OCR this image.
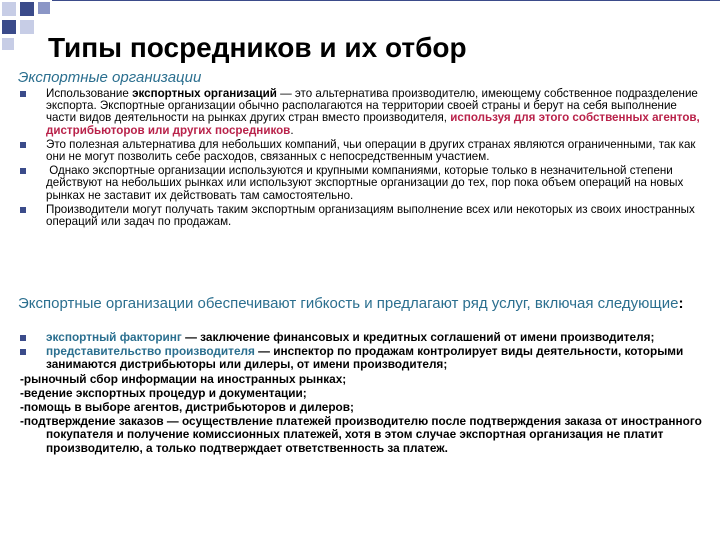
Типы посредников и их отбор
Экспортные организации
Использование экспортных организаций — это альтернатива производителю, имеющему собственное подразделение экспорта. Экспортные организации обычно располагаются на территории своей страны и берут на себя выполнение части видов деятельности на рынках других стран вместо производителя, используя для этого собственных агентов, дистрибьюторов или других посредников.
Это полезная альтернатива для небольших компаний, чьи операции в других странах являются ограниченными, так как они не могут позволить себе расходов, связанных с непосредственным участием.
Однако экспортные организации используются и крупными компаниями, которые только в незначительной степени действуют на небольших рынках или используют экспортные организации до тех, пор пока объем операций на новых рынках не заставит их действовать там самостоятельно.
Производители могут получать таким экспортным организациям выполнение всех или некоторых из своих иностранных операций или задач по продажам.
Экспортные организации обеспечивают гибкость и предлагают ряд услуг, включая следующие:
экспортный факторинг — заключение финансовых и кредитных соглашений от имени производителя;
представительство производителя — инспектор по продажам контролирует виды деятельности, которыми занимаются дистрибьюторы или дилеры, от имени производителя;
-рыночный сбор информации на иностранных рынках;
-ведение экспортных процедур и документации;
-помощь в выборе агентов, дистрибьюторов и дилеров;
-подтверждение заказов — осуществление платежей производителю после подтверждения заказа от иностранного покупателя и получение комиссионных платежей, хотя в этом случае экспортная организация не платит производителю, а только подтверждает ответственность за платеж.
